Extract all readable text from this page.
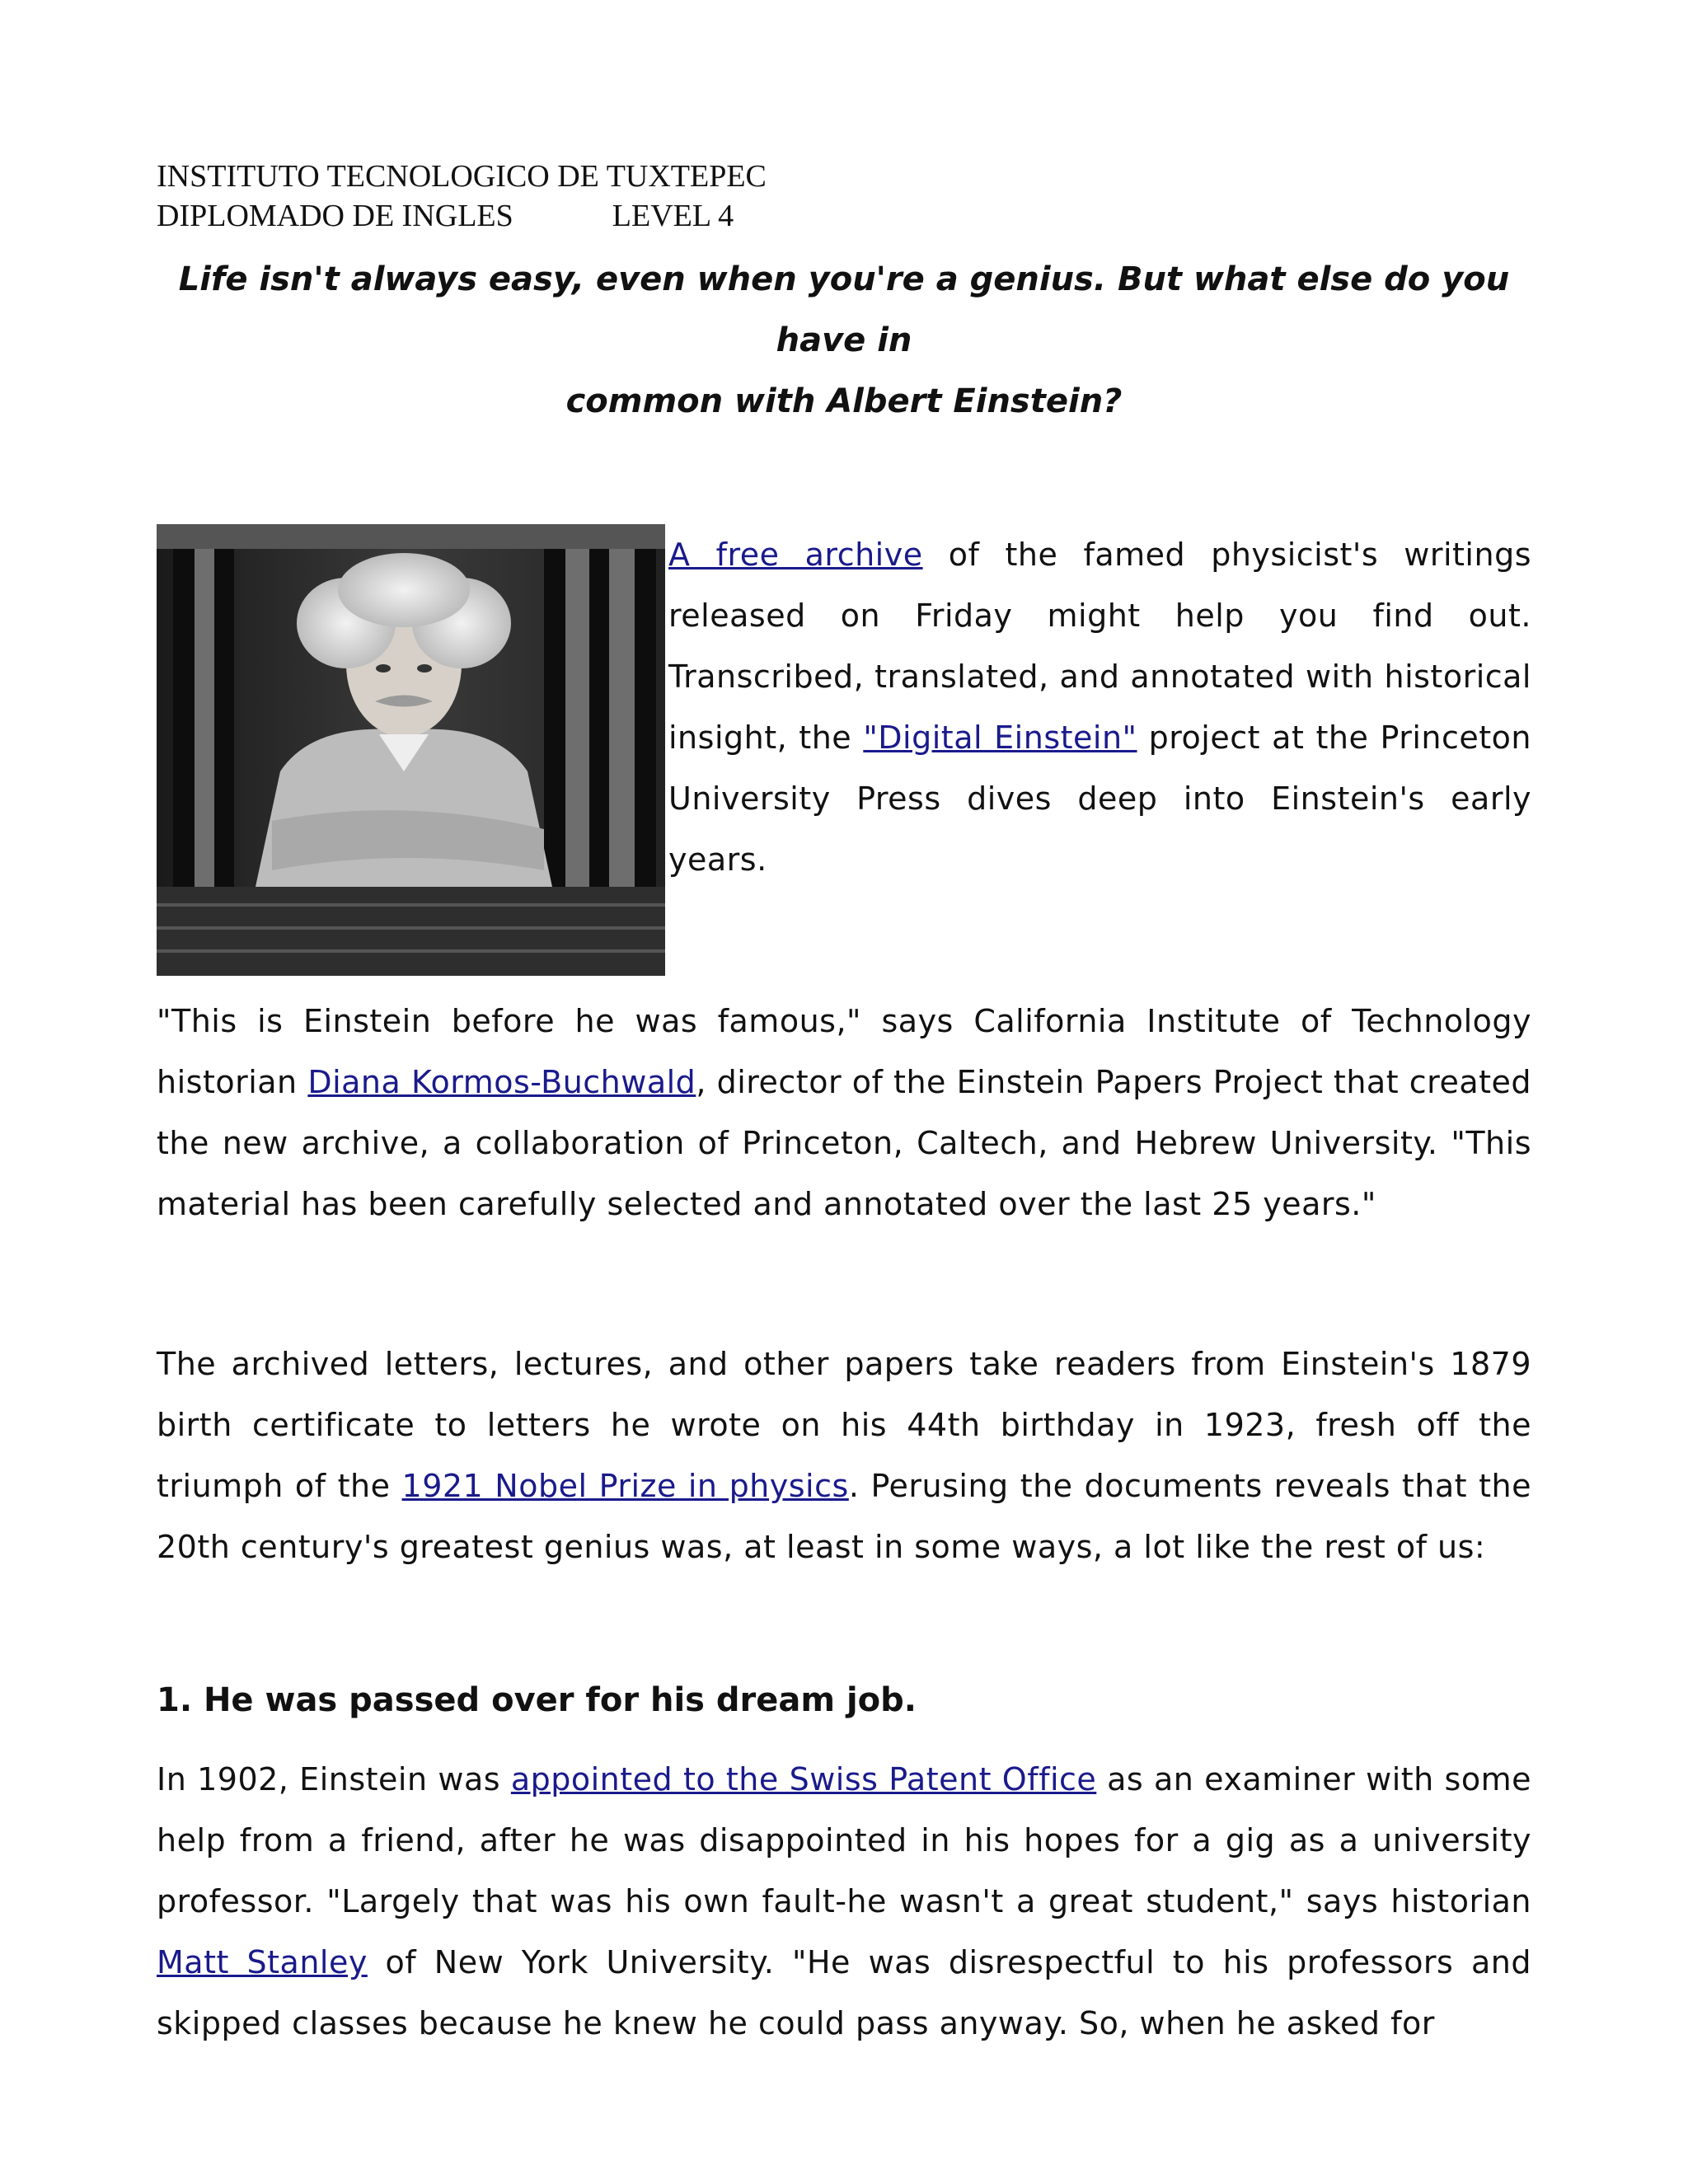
INSTITUTO TECNOLOGICO DE TUXTEPEC
DIPLOMADO DE INGLES	LEVEL 4
Life isn't always easy, even when you're a genius. But what else do you have in
common with Albert Einstein?

A free archive of the famed physicist's writings released on Friday might help you find out. Transcribed, translated, and annotated with historical insight, the "Digital Einstein" project at the Princeton University Press dives deep into Einstein's early years.

"This is Einstein before he was famous," says California Institute of Technology historian Diana Kormos-Buchwald, director of the Einstein Papers Project that created the new archive, a collaboration of Princeton, Caltech, and Hebrew University. "This material has been carefully selected and annotated over the last 25 years."

The archived letters, lectures, and other papers take readers from Einstein's 1879 birth certificate to letters he wrote on his 44th birthday in 1923, fresh off the triumph of the 1921 Nobel Prize in physics. Perusing the documents reveals that the 20th century's greatest genius was, at least in some ways, a lot like the rest of us:

1. He was passed over for his dream job.

In 1902, Einstein was appointed to the Swiss Patent Office as an examiner with some help from a friend, after he was disappointed in his hopes for a gig as a university professor. "Largely that was his own fault-he wasn't a great student," says historian Matt Stanley of New York University. "He was disrespectful to his professors and skipped classes because he knew he could pass anyway. So, when he asked for
